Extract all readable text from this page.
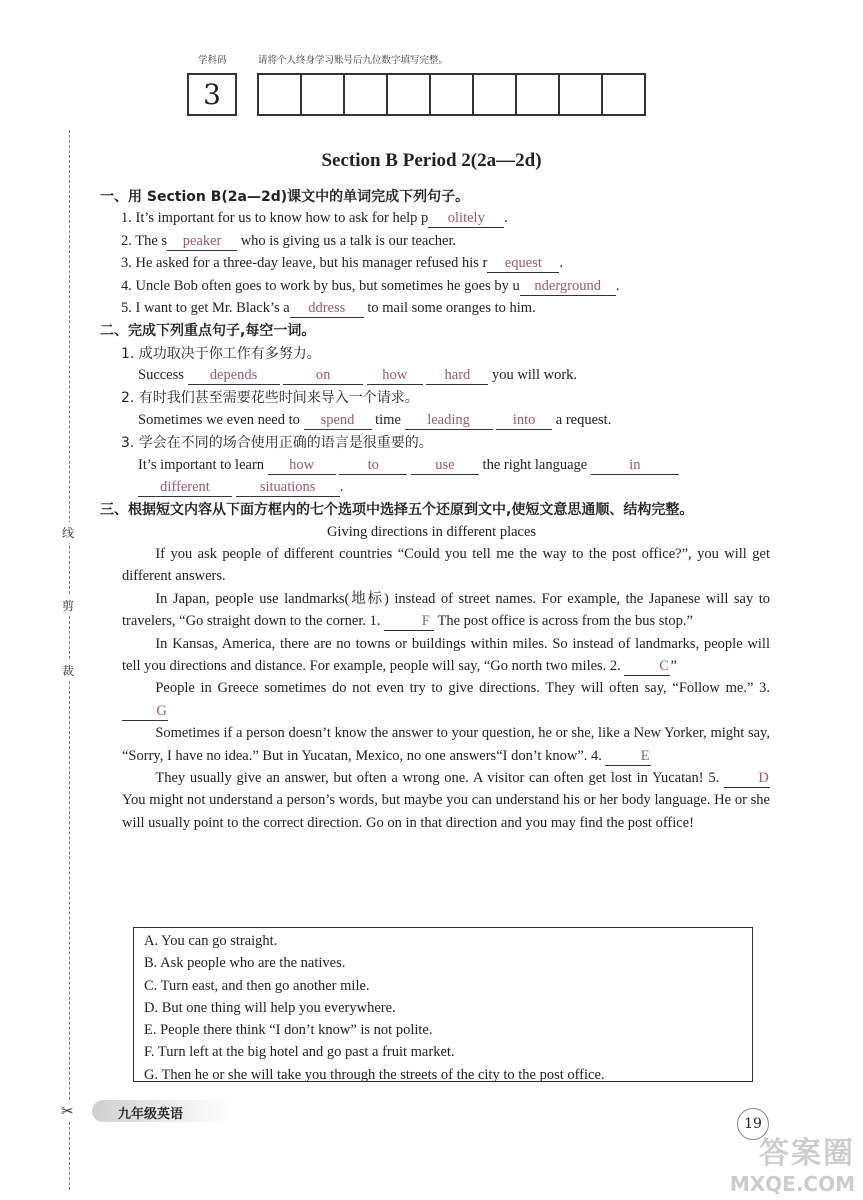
学科码	请将个人终身学习账号后九位数字填写完整。
3
线
剪
裁
✂
Section B Period 2(2a—2d)
一、用 Section B(2a—2d)课文中的单词完成下列句子。
1. It’s important for us to know how to ask for help p olitely .
2. The s peaker who is giving us a talk is our teacher.
3. He asked for a three-day leave, but his manager refused his r equest .
4. Uncle Bob often goes to work by bus, but sometimes he goes by u nderground .
5. I want to get Mr. Black’s a ddress to mail some oranges to him.
二、完成下列重点句子,每空一词。
1. 成功取决于你工作有多努力。
Success depends	on	how	hard you will work.
2. 有时我们甚至需要花些时间来导入一个请求。
Sometimes we even need to spend time leading	into a request.
3. 学会在不同的场合使用正确的语言是很重要的。
It’s important to learn how	to	use the right language	in
different	situations .
三、根据短文内容从下面方框内的七个选项中选择五个还原到文中,使短文意思通顺、结构完整。
Giving directions in different places

If you ask people of different countries “Could you tell me the way to the post office?”, you will get different answers.

In Japan, people use landmarks(地标) instead of street names. For example, the Japanese will say to travelers, “Go straight down to the corner. 1.	F The post office is across from the bus stop.”

In Kansas, America, there are no towns or buildings within miles. So instead of landmarks, people will tell you directions and distance. For example, people will say, “Go north two miles. 2.	C ”

People in Greece sometimes do not even try to give directions. They will often say, “Follow me.” 3. G

Sometimes if a person doesn’t know the answer to your question, he or she, like a New Yorker, might say, “Sorry, I have no idea.” But in Yucatan, Mexico, no one answers“I don’t know”. 4.	E

They usually give an answer, but often a wrong one. A visitor can often get lost in Yucatan! 5.	D You might not understand a person’s words, but maybe you can understand his or her body language. He or she will usually point to the correct direction. Go on in that direction and you may find the post office!

A. You can go straight.
B. Ask people who are the natives.
C. Turn east, and then go another mile.
D. But one thing will help you everywhere.
E. People there think “I don’t know” is not polite.
F. Turn left at the big hotel and go past a fruit market.
G. Then he or she will take you through the streets of the city to the post office.
九年级英语
19
答案圈
MXQE.COM
